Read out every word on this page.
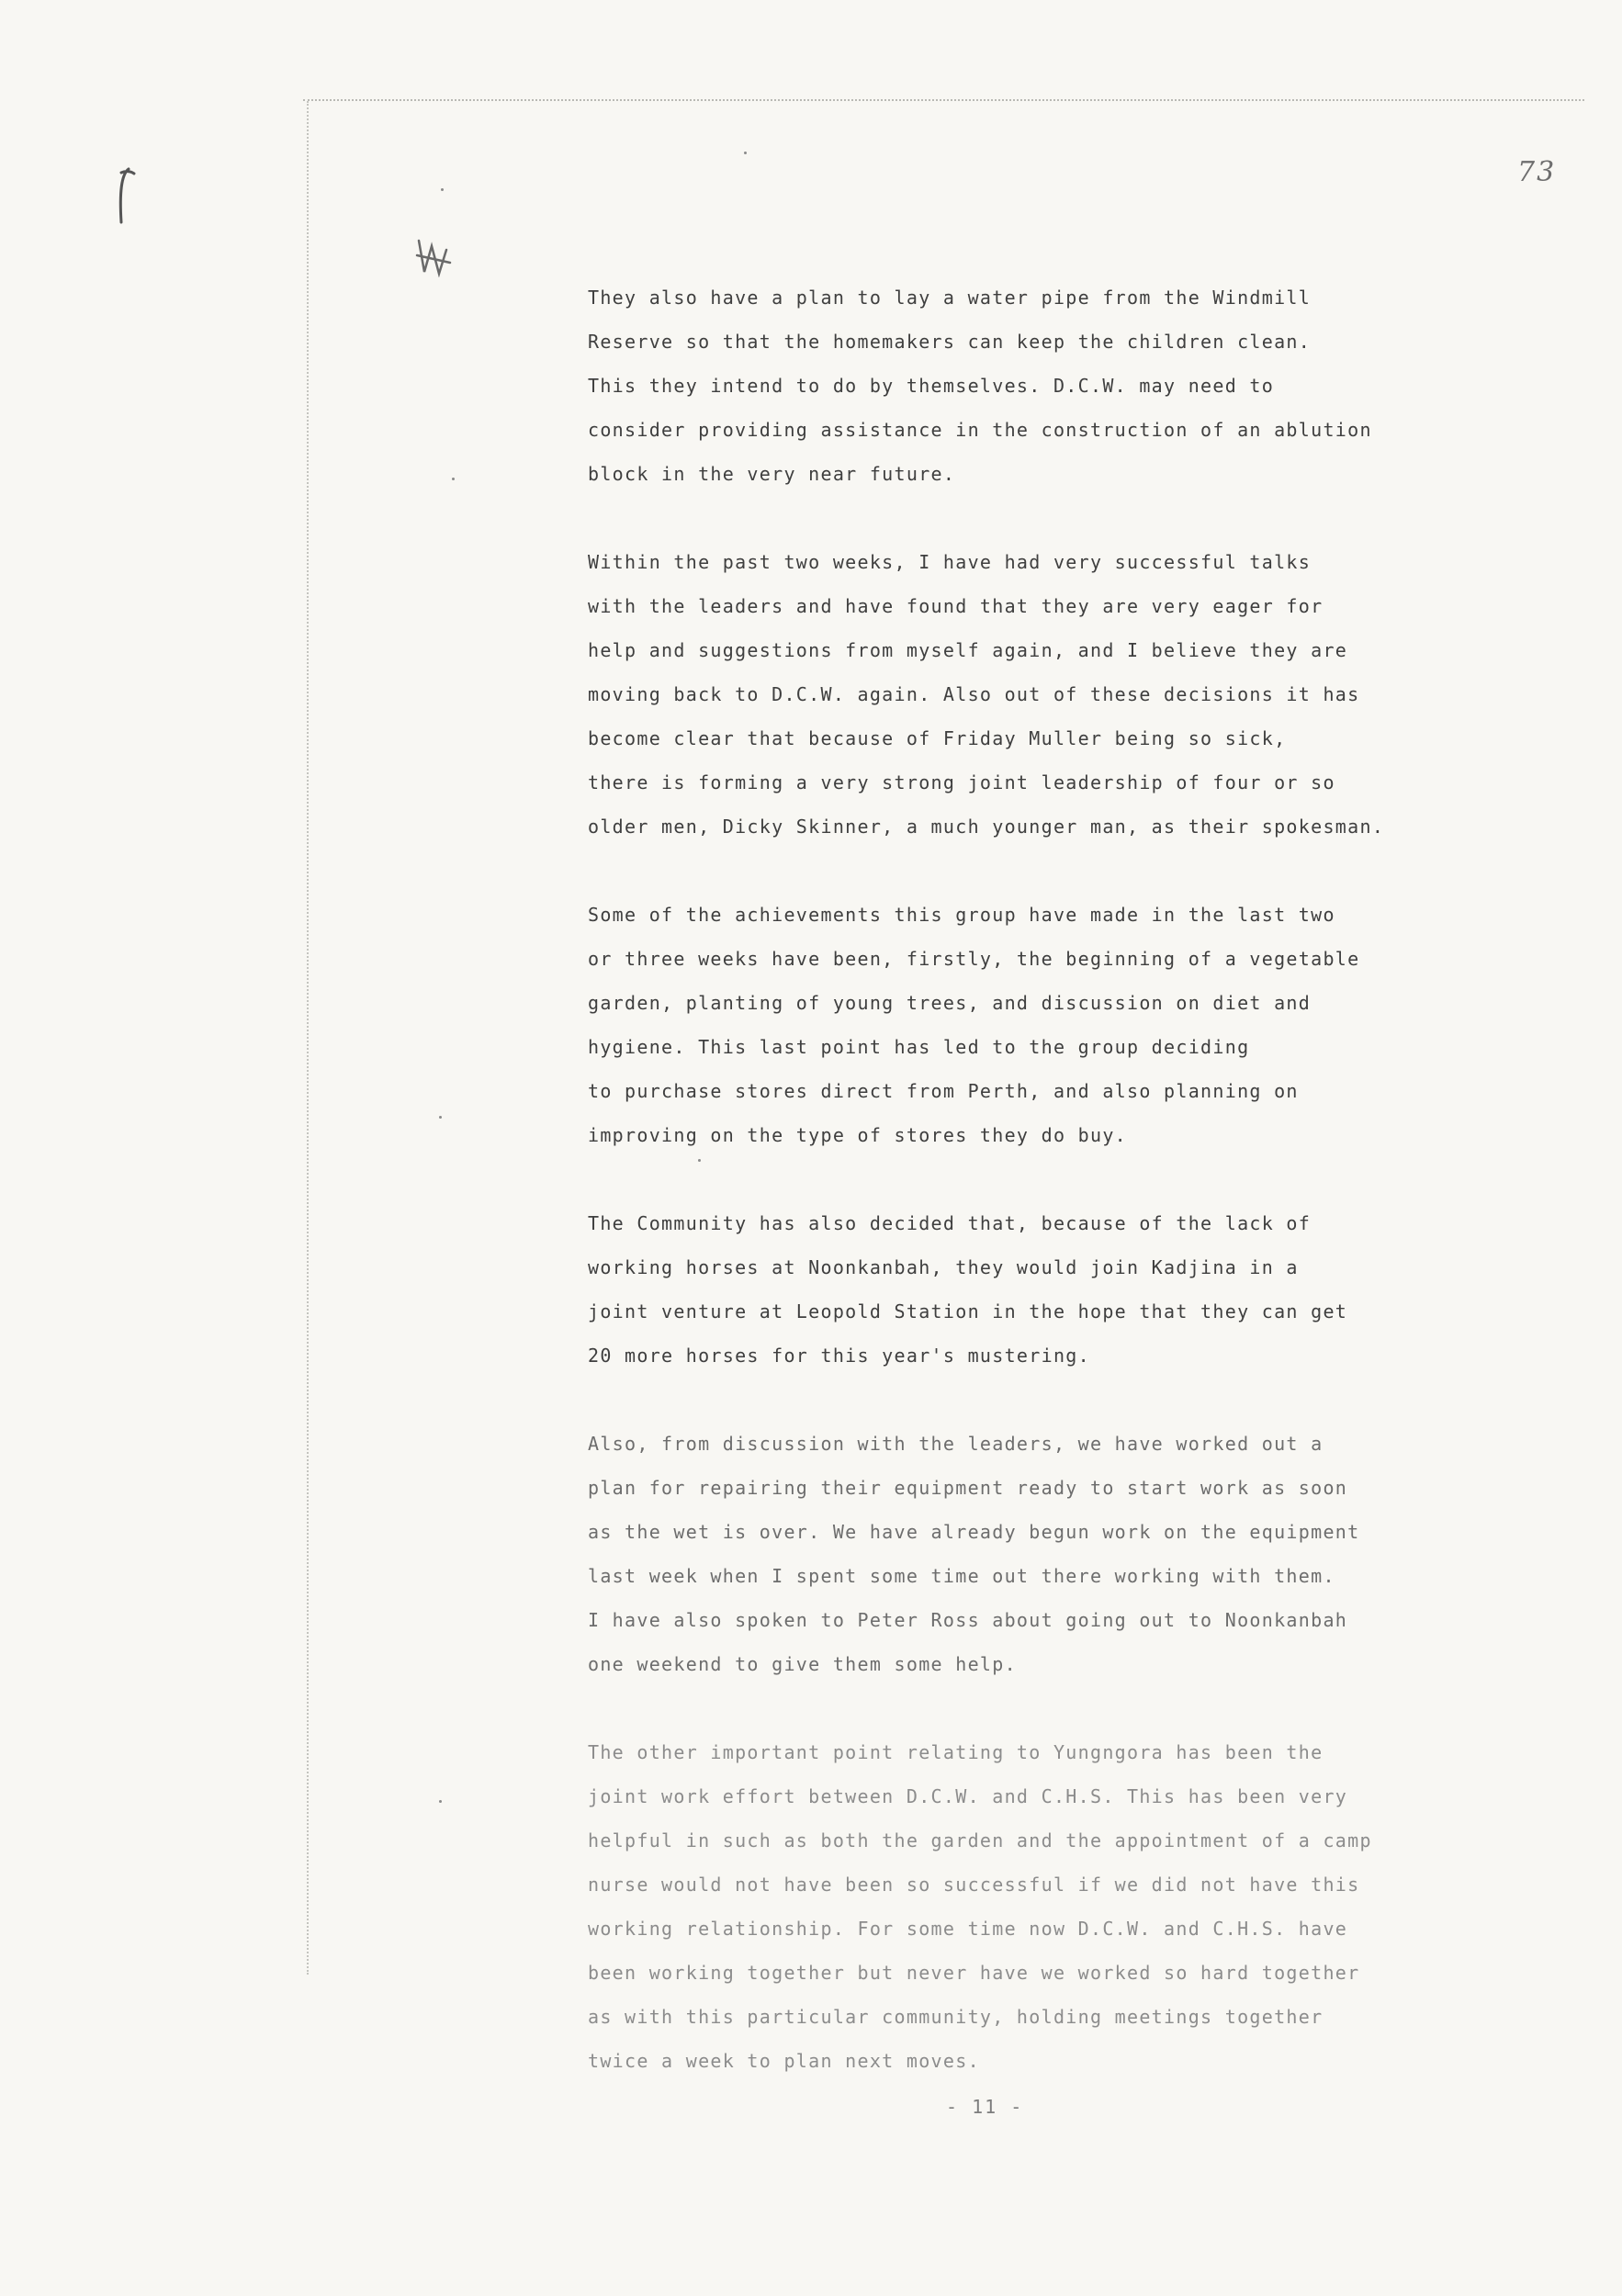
73

They also have a plan to lay a water pipe from the Windmill
Reserve so that the homemakers can keep the children clean.
This they intend to do by themselves. D.C.W. may need to
consider providing assistance in the construction of an ablution
block in the very near future.

Within the past two weeks, I have had very successful talks
with the leaders and have found that they are very eager for
help and suggestions from myself again, and I believe they are
moving back to D.C.W. again. Also out of these decisions it has
become clear that because of Friday Muller being so sick,
there is forming a very strong joint leadership of four or so
older men, Dicky Skinner, a much younger man, as their spokesman.

Some of the achievements this group have made in the last two
or three weeks have been, firstly, the beginning of a vegetable
garden, planting of young trees, and discussion on diet and
hygiene. This last point has led to the group deciding
to purchase stores direct from Perth, and also planning on
improving on the type of stores they do buy.

The Community has also decided that, because of the lack of
working horses at Noonkanbah, they would join Kadjina in a
joint venture at Leopold Station in the hope that they can get
20 more horses for this year's mustering.

Also, from discussion with the leaders, we have worked out a
plan for repairing their equipment ready to start work as soon
as the wet is over. We have already begun work on the equipment
last week when I spent some time out there working with them.
I have also spoken to Peter Ross about going out to Noonkanbah
one weekend to give them some help.

The other important point relating to Yungngora has been the
joint work effort between D.C.W. and C.H.S. This has been very
helpful in such as both the garden and the appointment of a camp
nurse would not have been so successful if we did not have this
working relationship. For some time now D.C.W. and C.H.S. have
been working together but never have we worked so hard together
as with this particular community, holding meetings together
twice a week to plan next moves.

- 11 -
